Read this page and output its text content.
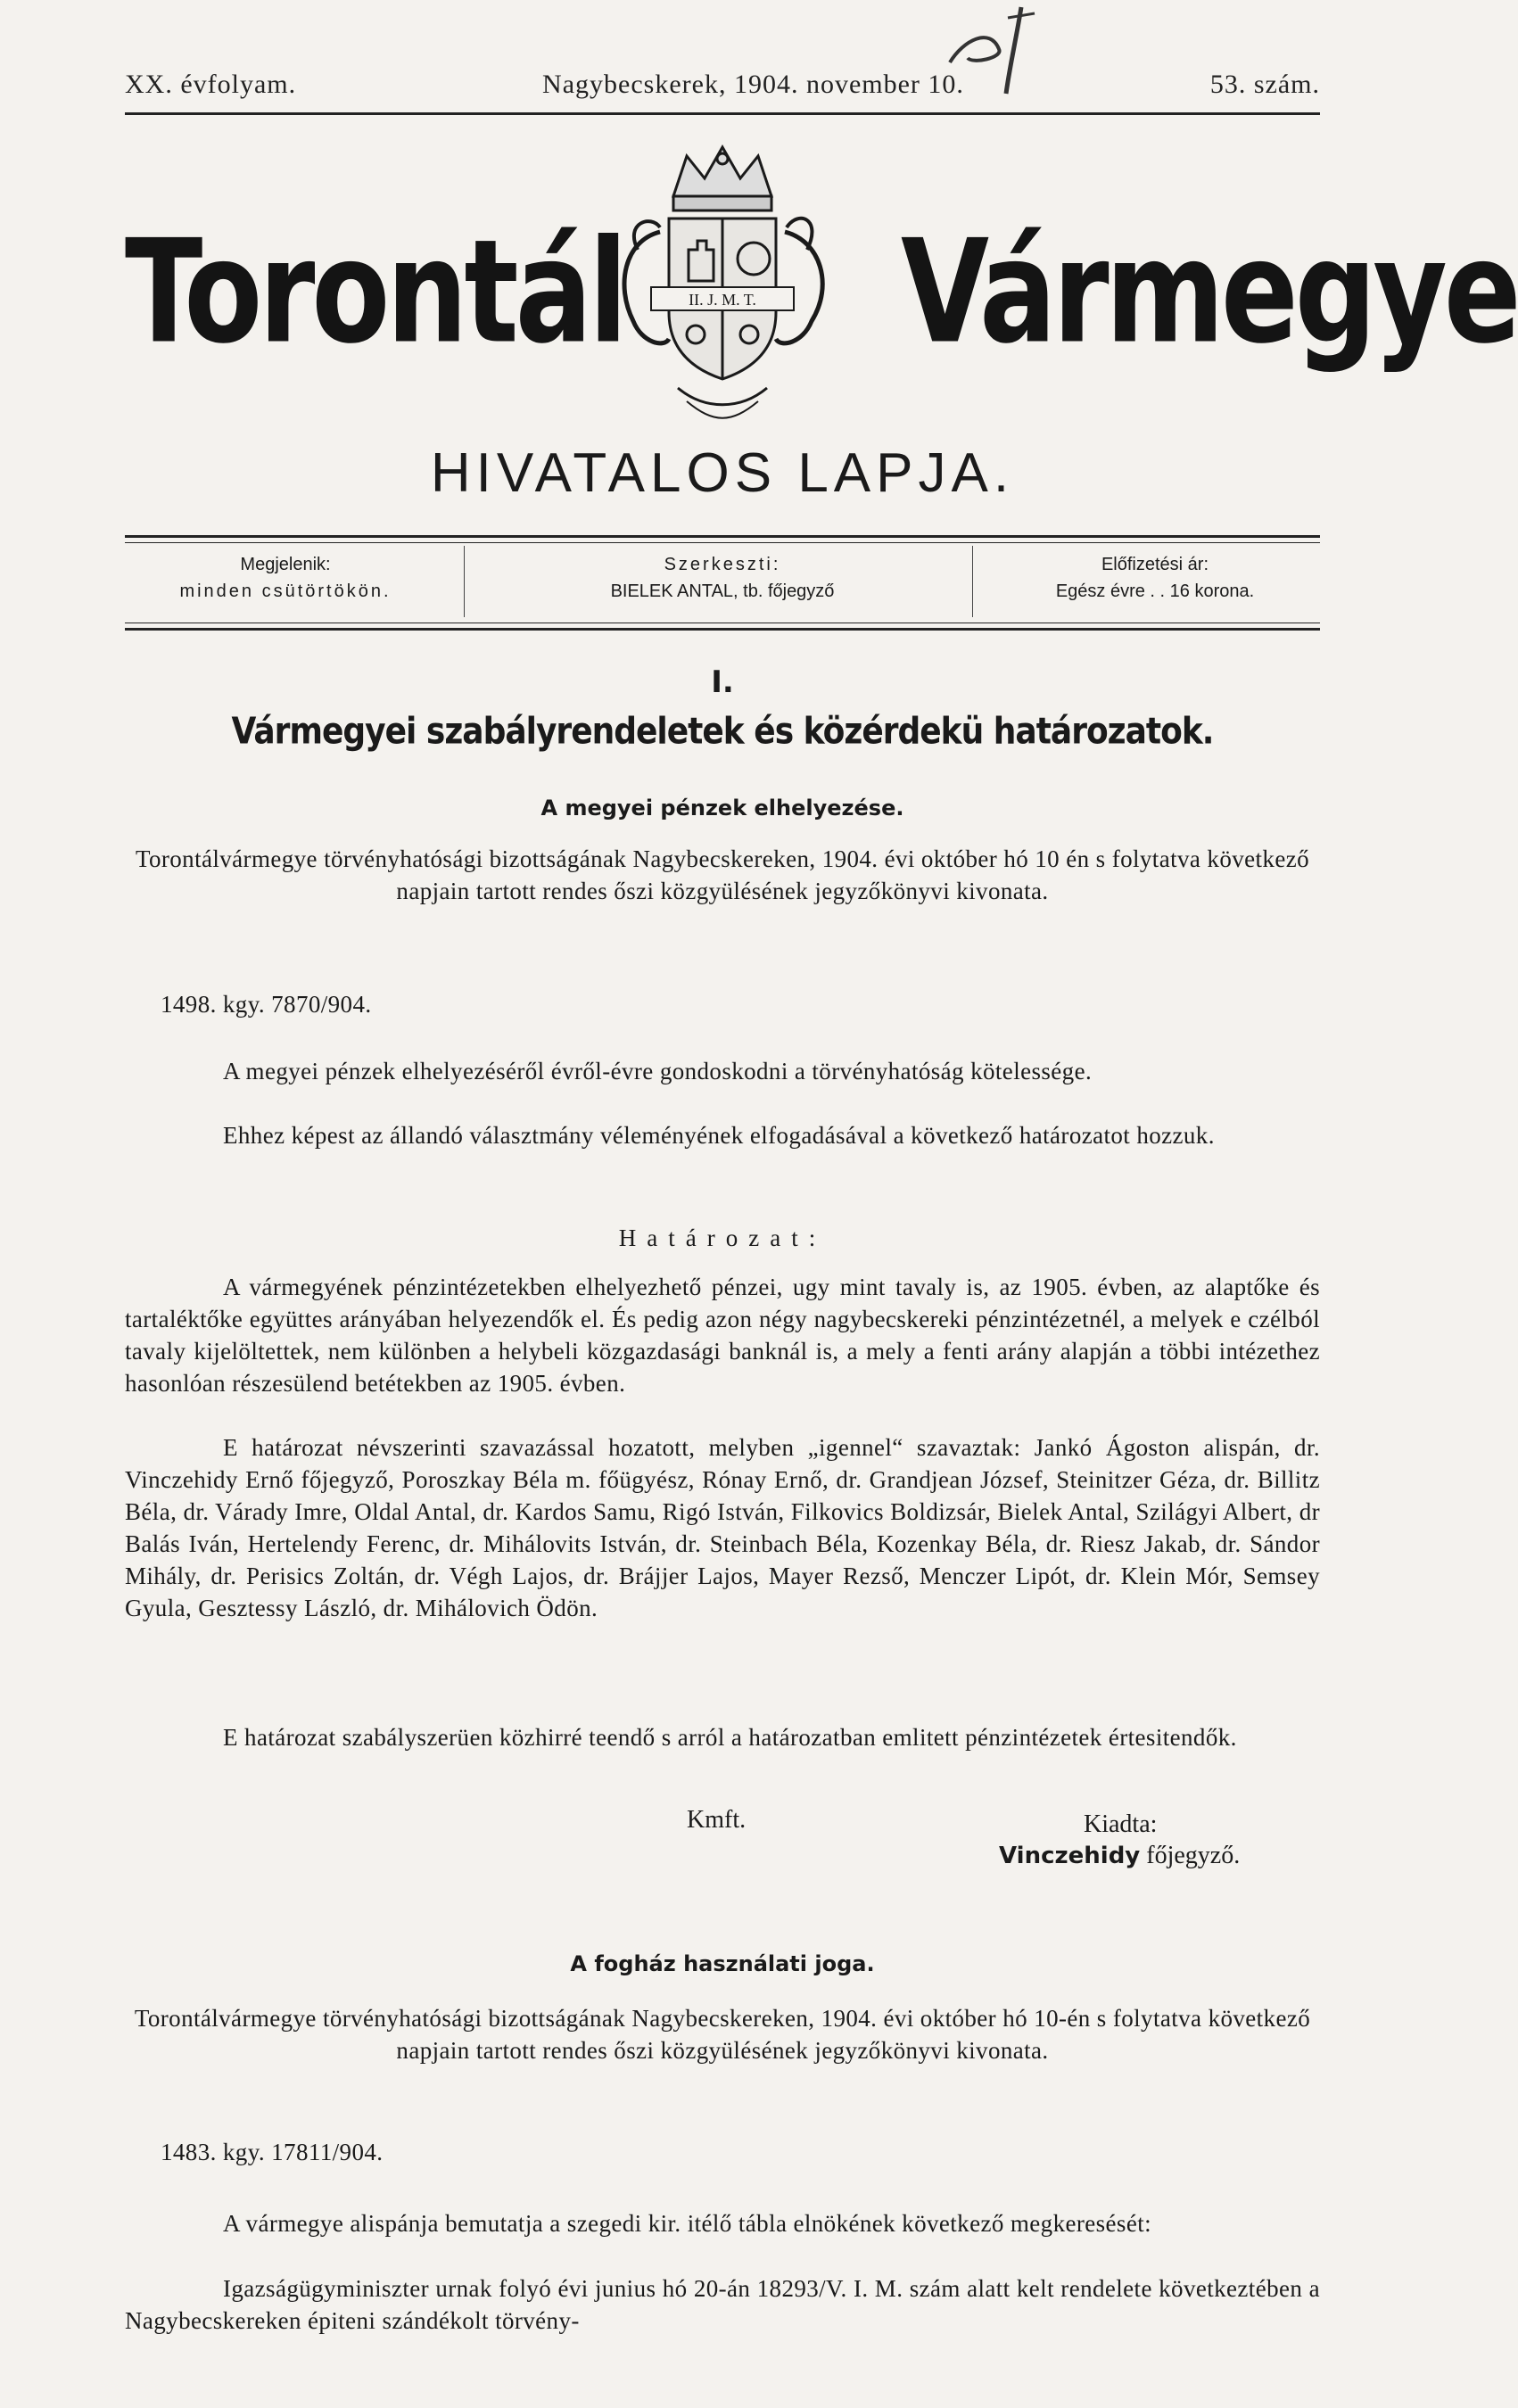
XX. évfolyam.	Nagybecskerek, 1904. november 10.	53. szám.
Torontál	II. J. M. T. Vármegye
HIVATALOS LAPJA.
Megjelenik:
minden csütörtökön.
Szerkeszti:
BIELEK ANTAL, tb. főjegyző
Előfizetési ár:
Egész évre . . 16 korona.
I.
Vármegyei szabályrendeletek és közérdekü határozatok.
A megyei pénzek elhelyezése.
Torontálvármegye törvényhatósági bizottságának Nagybecskereken, 1904. évi október hó 10 én s folytatva következő napjain tartott rendes őszi közgyülésének jegyzőkönyvi kivonata.
1498. kgy. 7870/904.
A megyei pénzek elhelyezéséről évről-évre gondoskodni a törvényhatóság kötelessége.
Ehhez képest az állandó választmány véleményének elfogadásával a következő határozatot hozzuk.
Határozat:
A vármegyének pénzintézetekben elhelyezhető pénzei, ugy mint tavaly is, az 1905. évben, az alaptőke és tartaléktőke együttes arányában helyezendők el. És pedig azon négy nagybecskereki pénzintézetnél, a melyek e czélból tavaly kijelöltettek, nem különben a helybeli közgazdasági banknál is, a mely a fenti arány alapján a többi intézethez hasonlóan részesülend betétekben az 1905. évben.
E határozat névszerinti szavazással hozatott, melyben „igennel“ szavaztak: Jankó Ágoston alispán, dr. Vinczehidy Ernő főjegyző, Poroszkay Béla m. főügyész, Rónay Ernő, dr. Grandjean József, Steinitzer Géza, dr. Billitz Béla, dr. Várady Imre, Oldal Antal, dr. Kardos Samu, Rigó István, Filkovics Boldizsár, Bielek Antal, Szilágyi Albert, dr Balás Iván, Hertelendy Ferenc, dr. Mihálovits István, dr. Steinbach Béla, Kozenkay Béla, dr. Riesz Jakab, dr. Sándor Mihály, dr. Perisics Zoltán, dr. Végh Lajos, dr. Brájjer Lajos, Mayer Rezső, Menczer Lipót, dr. Klein Mór, Semsey Gyula, Gesztessy László, dr. Mihálovich Ödön.
E határozat szabályszerüen közhirré teendő s arról a határozatban emlitett pénzintézetek értesitendők.
Kmft.	Kiadta:
Vinczehidy főjegyző.
A fogház használati joga.
Torontálvármegye törvényhatósági bizottságának Nagybecskereken, 1904. évi október hó 10-én s folytatva következő napjain tartott rendes őszi közgyülésének jegyzőkönyvi kivonata.
1483. kgy. 17811/904.
A vármegye alispánja bemutatja a szegedi kir. itélő tábla elnökének következő megkeresését:
Igazságügyminiszter urnak folyó évi junius hó 20-án 18293/V. I. M. szám alatt kelt rendelete következtében a Nagybecskereken épiteni szándékolt törvény-
